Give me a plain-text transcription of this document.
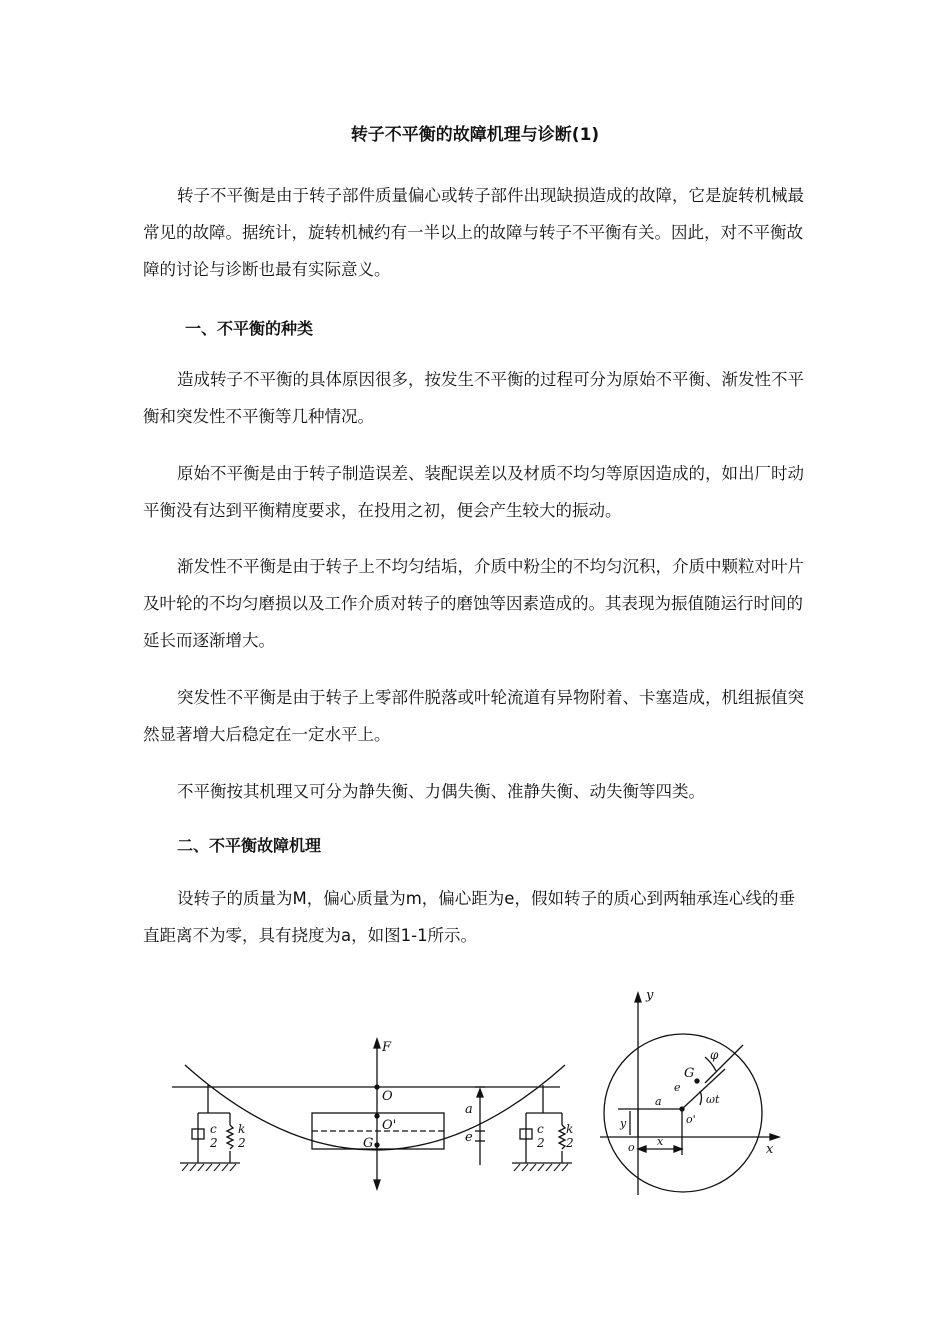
转子不平衡的故障机理与诊断(1)

转子不平衡是由于转子部件质量偏心或转子部件出现缺损造成的故障，它是旋转机械最常见的故障。据统计，旋转机械约有一半以上的故障与转子不平衡有关。因此，对不平衡故障的讨论与诊断也最有实际意义。

一、不平衡的种类

造成转子不平衡的具体原因很多，按发生不平衡的过程可分为原始不平衡、渐发性不平衡和突发性不平衡等几种情况。

原始不平衡是由于转子制造误差、装配误差以及材质不均匀等原因造成的，如出厂时动平衡没有达到平衡精度要求，在投用之初，便会产生较大的振动。

渐发性不平衡是由于转子上不均匀结垢，介质中粉尘的不均匀沉积，介质中颗粒对叶片及叶轮的不均匀磨损以及工作介质对转子的磨蚀等因素造成的。其表现为振值随运行时间的延长而逐渐增大。

突发性不平衡是由于转子上零部件脱落或叶轮流道有异物附着、卡塞造成，机组振值突然显著增大后稳定在一定水平上。

不平衡按其机理又可分为静失衡、力偶失衡、准静失衡、动失衡等四类。

二、不平衡故障机理

设转子的质量为M，偏心质量为m，偏心距为e，假如转子的质心到两轴承连心线的垂直距离不为零，具有挠度为a，如图1-1所示。

F
O
O'
G
a
e
c
2
k
2
c
2
k
2
y
x
G
e
φ
ωt
a
o'
o
y
x
